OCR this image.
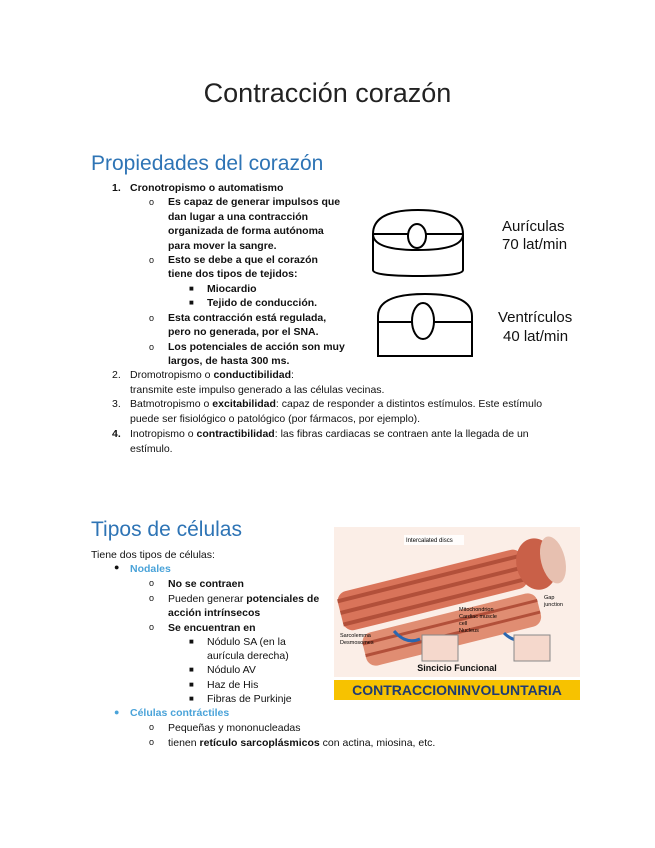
Contracción corazón
Propiedades del corazón
1. Cronotropismo o automatismo
o Es capaz de generar impulsos que
dan lugar a una contracción
organizada de forma autónoma
para mover la sangre.
o Esto se debe a que el corazón
tiene dos tipos de tejidos:
■ Miocardio
■ Tejido de conducción.
o Esta contracción está regulada,
pero no generada, por el SNA.
o Los potenciales de acción son muy
largos, de hasta 300 ms.
Aurículas
70 lat/min
Ventrículos
40 lat/min
2. Dromotropismo o conductibilidad:
transmite este impulso generado a las células vecinas.
3. Batmotropismo o excitabilidad: capaz de responder a distintos estímulos. Este estímulo
puede ser fisiológico o patológico (por fármacos, por ejemplo).
4. Inotropismo o contractibilidad: las fibras cardiacas se contraen ante la llegada de un
estímulo.
Tipos de células
Tiene dos tipos de células:
● Nodales
o No se contraen
o Pueden generar potenciales de
acción intrínsecos
o Se encuentran en
■ Nódulo SA (en la
aurícula derecha)
■ Nódulo AV
■ Haz de His
■ Fibras de Purkinje
● Células contráctiles
o Pequeñas y mononucleadas
o tienen retículo sarcoplásmicos con actina, miosina, etc.
Intercalated discs
Mitochondrion
Cardiac muscle
cell
Nucleus
Gap
junction
Sarcolemma
Desmosomes
Sincicio Funcional
CONTRACCIONINVOLUNTARIA
